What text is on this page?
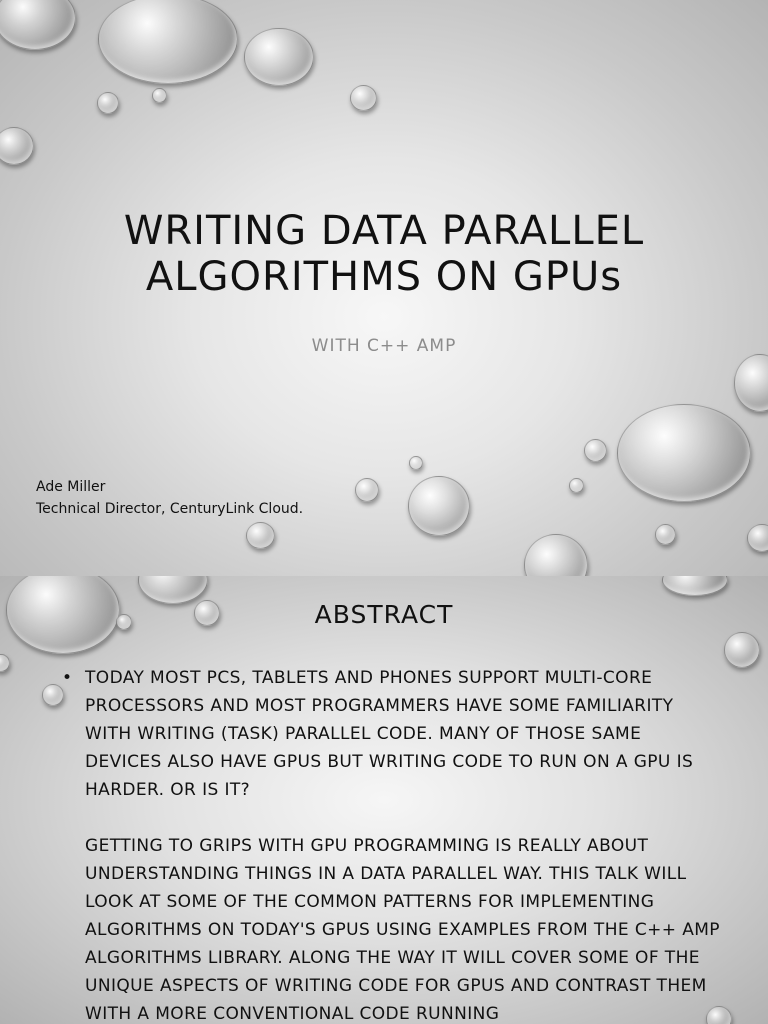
WRITING DATA PARALLEL
ALGORITHMS ON GPUs
WITH C++ AMP
Ade Miller
Technical Director, CenturyLink Cloud.
ABSTRACT
• TODAY MOST PCS, TABLETS AND PHONES SUPPORT MULTI-CORE PROCESSORS AND MOST PROGRAMMERS HAVE SOME FAMILIARITY WITH WRITING (TASK) PARALLEL CODE. MANY OF THOSE SAME DEVICES ALSO HAVE GPUS BUT WRITING CODE TO RUN ON A GPU IS HARDER. OR IS IT?

GETTING TO GRIPS WITH GPU PROGRAMMING IS REALLY ABOUT UNDERSTANDING THINGS IN A DATA PARALLEL WAY. THIS TALK WILL LOOK AT SOME OF THE COMMON PATTERNS FOR IMPLEMENTING ALGORITHMS ON TODAY'S GPUS USING EXAMPLES FROM THE C++ AMP ALGORITHMS LIBRARY. ALONG THE WAY IT WILL COVER SOME OF THE UNIQUE ASPECTS OF WRITING CODE FOR GPUS AND CONTRAST THEM WITH A MORE CONVENTIONAL CODE RUNNING
